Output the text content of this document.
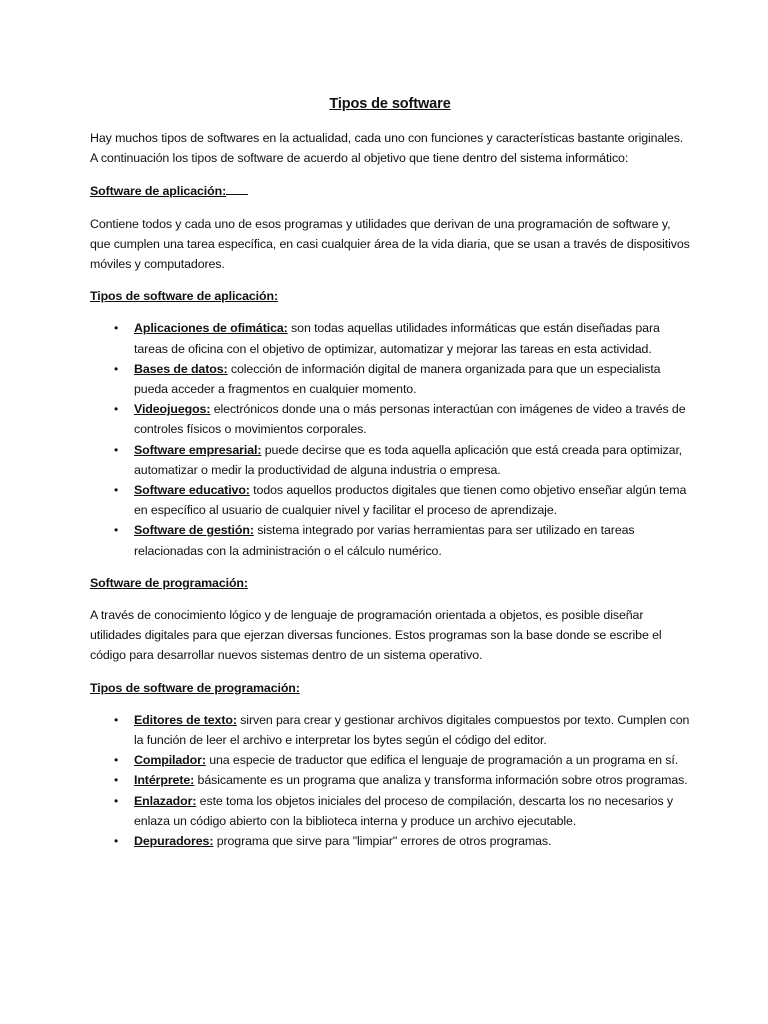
Tipos de software

Hay muchos tipos de softwares en la actualidad, cada uno con funciones y características bastante originales. A continuación los tipos de software de acuerdo al objetivo que tiene dentro del sistema informático:

Software de aplicación:

Contiene todos y cada uno de esos programas y utilidades que derivan de una programación de software y, que cumplen una tarea específica, en casi cualquier área de la vida diaria, que se usan a través de dispositivos móviles y computadores.

Tipos de software de aplicación:
• Aplicaciones de ofimática: son todas aquellas utilidades informáticas que están diseñadas para tareas de oficina con el objetivo de optimizar, automatizar y mejorar las tareas en esta actividad.
• Bases de datos: colección de información digital de manera organizada para que un especialista pueda acceder a fragmentos en cualquier momento.
• Videojuegos: electrónicos donde una o más personas interactúan con imágenes de video a través de controles físicos o movimientos corporales.
• Software empresarial: puede decirse que es toda aquella aplicación que está creada para optimizar, automatizar o medir la productividad de alguna industria o empresa.
• Software educativo: todos aquellos productos digitales que tienen como objetivo enseñar algún tema en específico al usuario de cualquier nivel y facilitar el proceso de aprendizaje.
• Software de gestión: sistema integrado por varias herramientas para ser utilizado en tareas relacionadas con la administración o el cálculo numérico.
Software de programación:

A través de conocimiento lógico y de lenguaje de programación orientada a objetos, es posible diseñar utilidades digitales para que ejerzan diversas funciones. Estos programas son la base donde se escribe el código para desarrollar nuevos sistemas dentro de un sistema operativo.

Tipos de software de programación:
• Editores de texto: sirven para crear y gestionar archivos digitales compuestos por texto. Cumplen con la función de leer el archivo e interpretar los bytes según el código del editor.
• Compilador: una especie de traductor que edifica el lenguaje de programación a un programa en sí.
• Intérprete: básicamente es un programa que analiza y transforma información sobre otros programas.
• Enlazador: este toma los objetos iniciales del proceso de compilación, descarta los no necesarios y enlaza un código abierto con la biblioteca interna y produce un archivo ejecutable.
• Depuradores: programa que sirve para "limpiar" errores de otros programas.
